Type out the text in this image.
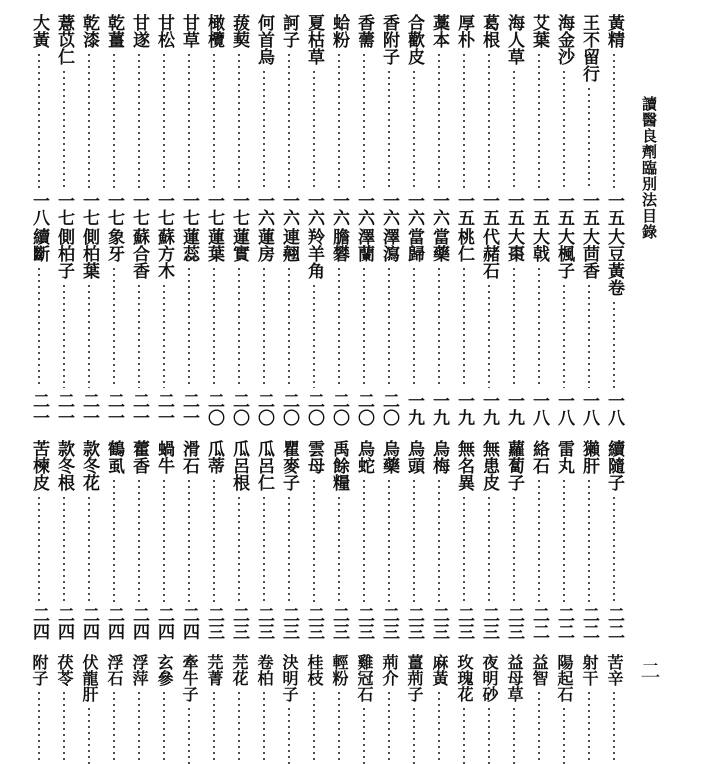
讀醫良劑臨別法目錄
黃精
一五
王不留行
一五
海金沙
一五
艾葉
一五
海人草
一五
葛根
一五
厚朴
一五
藁本
一六
合歡皮
一六
香附子
一六
香薷
一六
蛤粉
一六
夏枯草
一六
訶子
一六
何首烏
一六
菝葜
一七
橄欖
一七
甘草
一七
甘松
一七
甘遂
一七
乾薑
一七
乾漆
一七
薏苡仁
一七
大黃
一八
大豆黃卷
一八
大茴香
一八
大楓子
一八
大戟
一八
大棗
一九
代赭石
一九
桃仁
一九
當藥
一九
當歸
一九
澤瀉
二〇
澤蘭
二〇
膽礬
二〇
羚羊角
二〇
連翹
二〇
蓮房
二〇
蓮實
二〇
蓮葉
二〇
蓮蕊
二一
蘇方木
二一
蘇合香
二一
象牙
二一
側柏葉
二一
側柏子
二一
續斷
二一
續隨子
二二
獺肝
二二
雷丸
二二
絡石
二二
蘿蔔子
二三
無患皮
二三
無名異
二三
烏梅
二三
烏頭
二三
烏藥
二三
烏蛇
二三
禹餘糧
二三
雲母
二三
瞿麥子
二三
瓜呂仁
二三
瓜呂根
二三
瓜蒂
二三
滑石
二四
蝸牛
二四
藿香
二四
鶴虱
二四
款冬花
二四
款冬根
二四
苦楝皮
二四
苦辛
射干
陽起石
益智
益母草
夜明砂
玫瑰花
麻黃
薑荊子
荊介
雞冠石
輕粉
桂枝
決明子
卷柏
芫花
芫菁
牽牛子
玄參
浮萍
浮石
伏龍肝
茯苓
附子	二
